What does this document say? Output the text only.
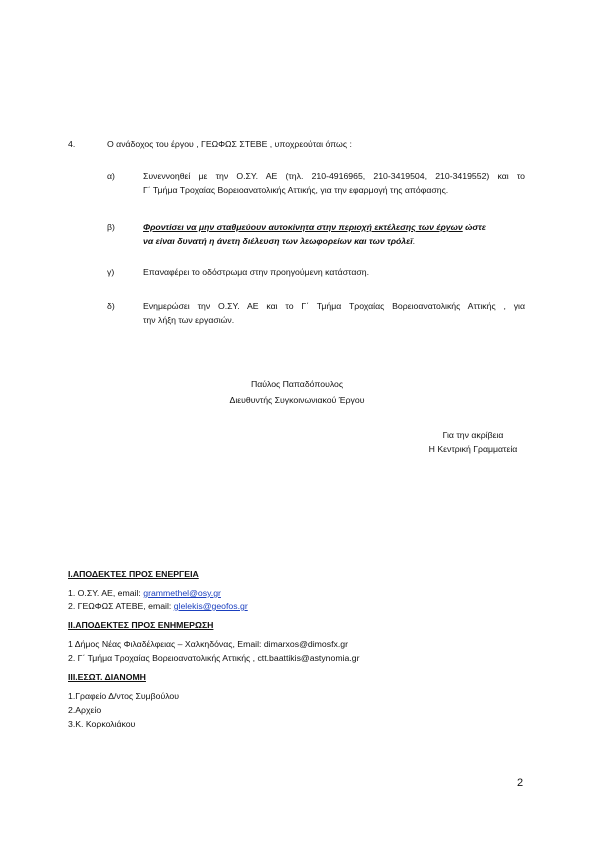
4.	Ο ανάδοχος του έργου , ΓΕΩΦΩΣ ΣΤΕΒΕ , υποχρεούται όπως :
α)	Συνεννοηθεί με την Ο.ΣΥ. ΑΕ (τηλ. 210-4916965, 210-3419504, 210-3419552) και το
Γ΄ Τμήμα Τροχαίας Βορειοανατολικής Αττικής, για την εφαρμογή της απόφασης.
β)	Φροντίσει να μην σταθμεύουν αυτοκίνητα στην περιοχή εκτέλεσης των έργων ώστε
να είναι δυνατή η άνετη διέλευση των λεωφορείων και των τρόλεϊ.
γ)	Επαναφέρει το οδόστρωμα στην προηγούμενη κατάσταση.
δ)	Ενημερώσει την Ο.ΣΥ. ΑΕ και το Γ΄ Τμήμα Τροχαίας Βορειοανατολικής Αττικής , για
την λήξη των εργασιών.
Παύλος Παπαδόπουλος
Διευθυντής Συγκοινωνιακού Έργου
Για την ακρίβεια
Η Κεντρική Γραμματεία
Ι.ΑΠΟΔΕΚΤΕΣ ΠΡΟΣ ΕΝΕΡΓΕΙΑ
1. Ο.ΣΥ. ΑΕ, email: grammethel@osy.gr
2. ΓΕΩΦΩΣ ΑΤΕΒΕ, email: glelekis@geofos.gr
ΙΙ.ΑΠΟΔΕΚΤΕΣ ΠΡΟΣ ΕΝΗΜΕΡΩΣΗ
1 Δήμος Νέας Φιλαδέλφειας – Χαλκηδόνας, Email: dimarxos@dimosfx.gr
2. Γ΄ Τμήμα Τροχαίας Βορειοανατολικής Αττικής , ctt.baattikis@astynomia.gr
ΙΙΙ.ΕΣΩΤ. ΔΙΑΝΟΜΗ
1.Γραφείο Δ/ντος Συμβούλου
2.Αρχείο
3.Κ. Κορκολιάκου
2
